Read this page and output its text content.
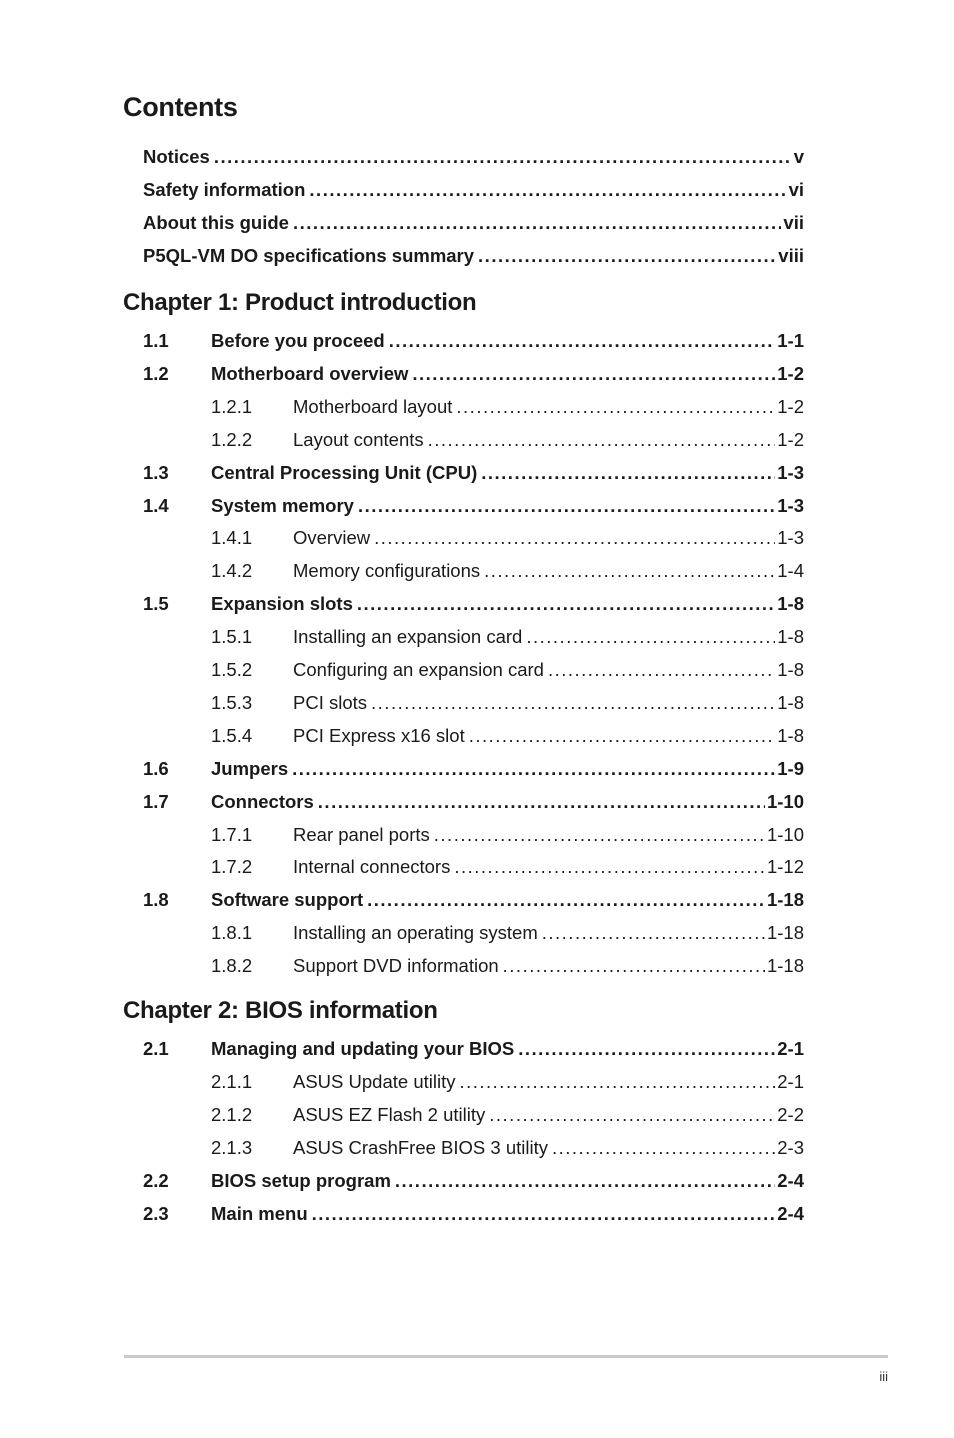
Contents
Notices .....	v
Safety information .....	vi
About this guide .....	vii
P5QL-VM DO specifications summary .....	viii
Chapter 1: Product introduction
1.1	Before you proceed .....	1-1
1.2	Motherboard overview .....	1-2
1.2.1	Motherboard layout .....	1-2
1.2.2	Layout contents .....	1-2
1.3	Central Processing Unit (CPU) .....	1-3
1.4	System memory .....	1-3
1.4.1	Overview .....	1-3
1.4.2	Memory configurations .....	1-4
1.5	Expansion slots .....	1-8
1.5.1	Installing an expansion card .....	1-8
1.5.2	Configuring an expansion card .....	1-8
1.5.3	PCI slots .....	1-8
1.5.4	PCI Express x16 slot .....	1-8
1.6	Jumpers .....	1-9
1.7	Connectors .....	1-10
1.7.1	Rear panel ports .....	1-10
1.7.2	Internal connectors .....	1-12
1.8	Software support .....	1-18
1.8.1	Installing an operating system .....	1-18
1.8.2	Support DVD information .....	1-18
Chapter 2: BIOS information
2.1	Managing and updating your BIOS .....	2-1
2.1.1	ASUS Update utility .....	2-1
2.1.2	ASUS EZ Flash 2 utility .....	2-2
2.1.3	ASUS CrashFree BIOS 3 utility .....	2-3
2.2	BIOS setup program .....	2-4
2.3	Main menu .....	2-4
iii
